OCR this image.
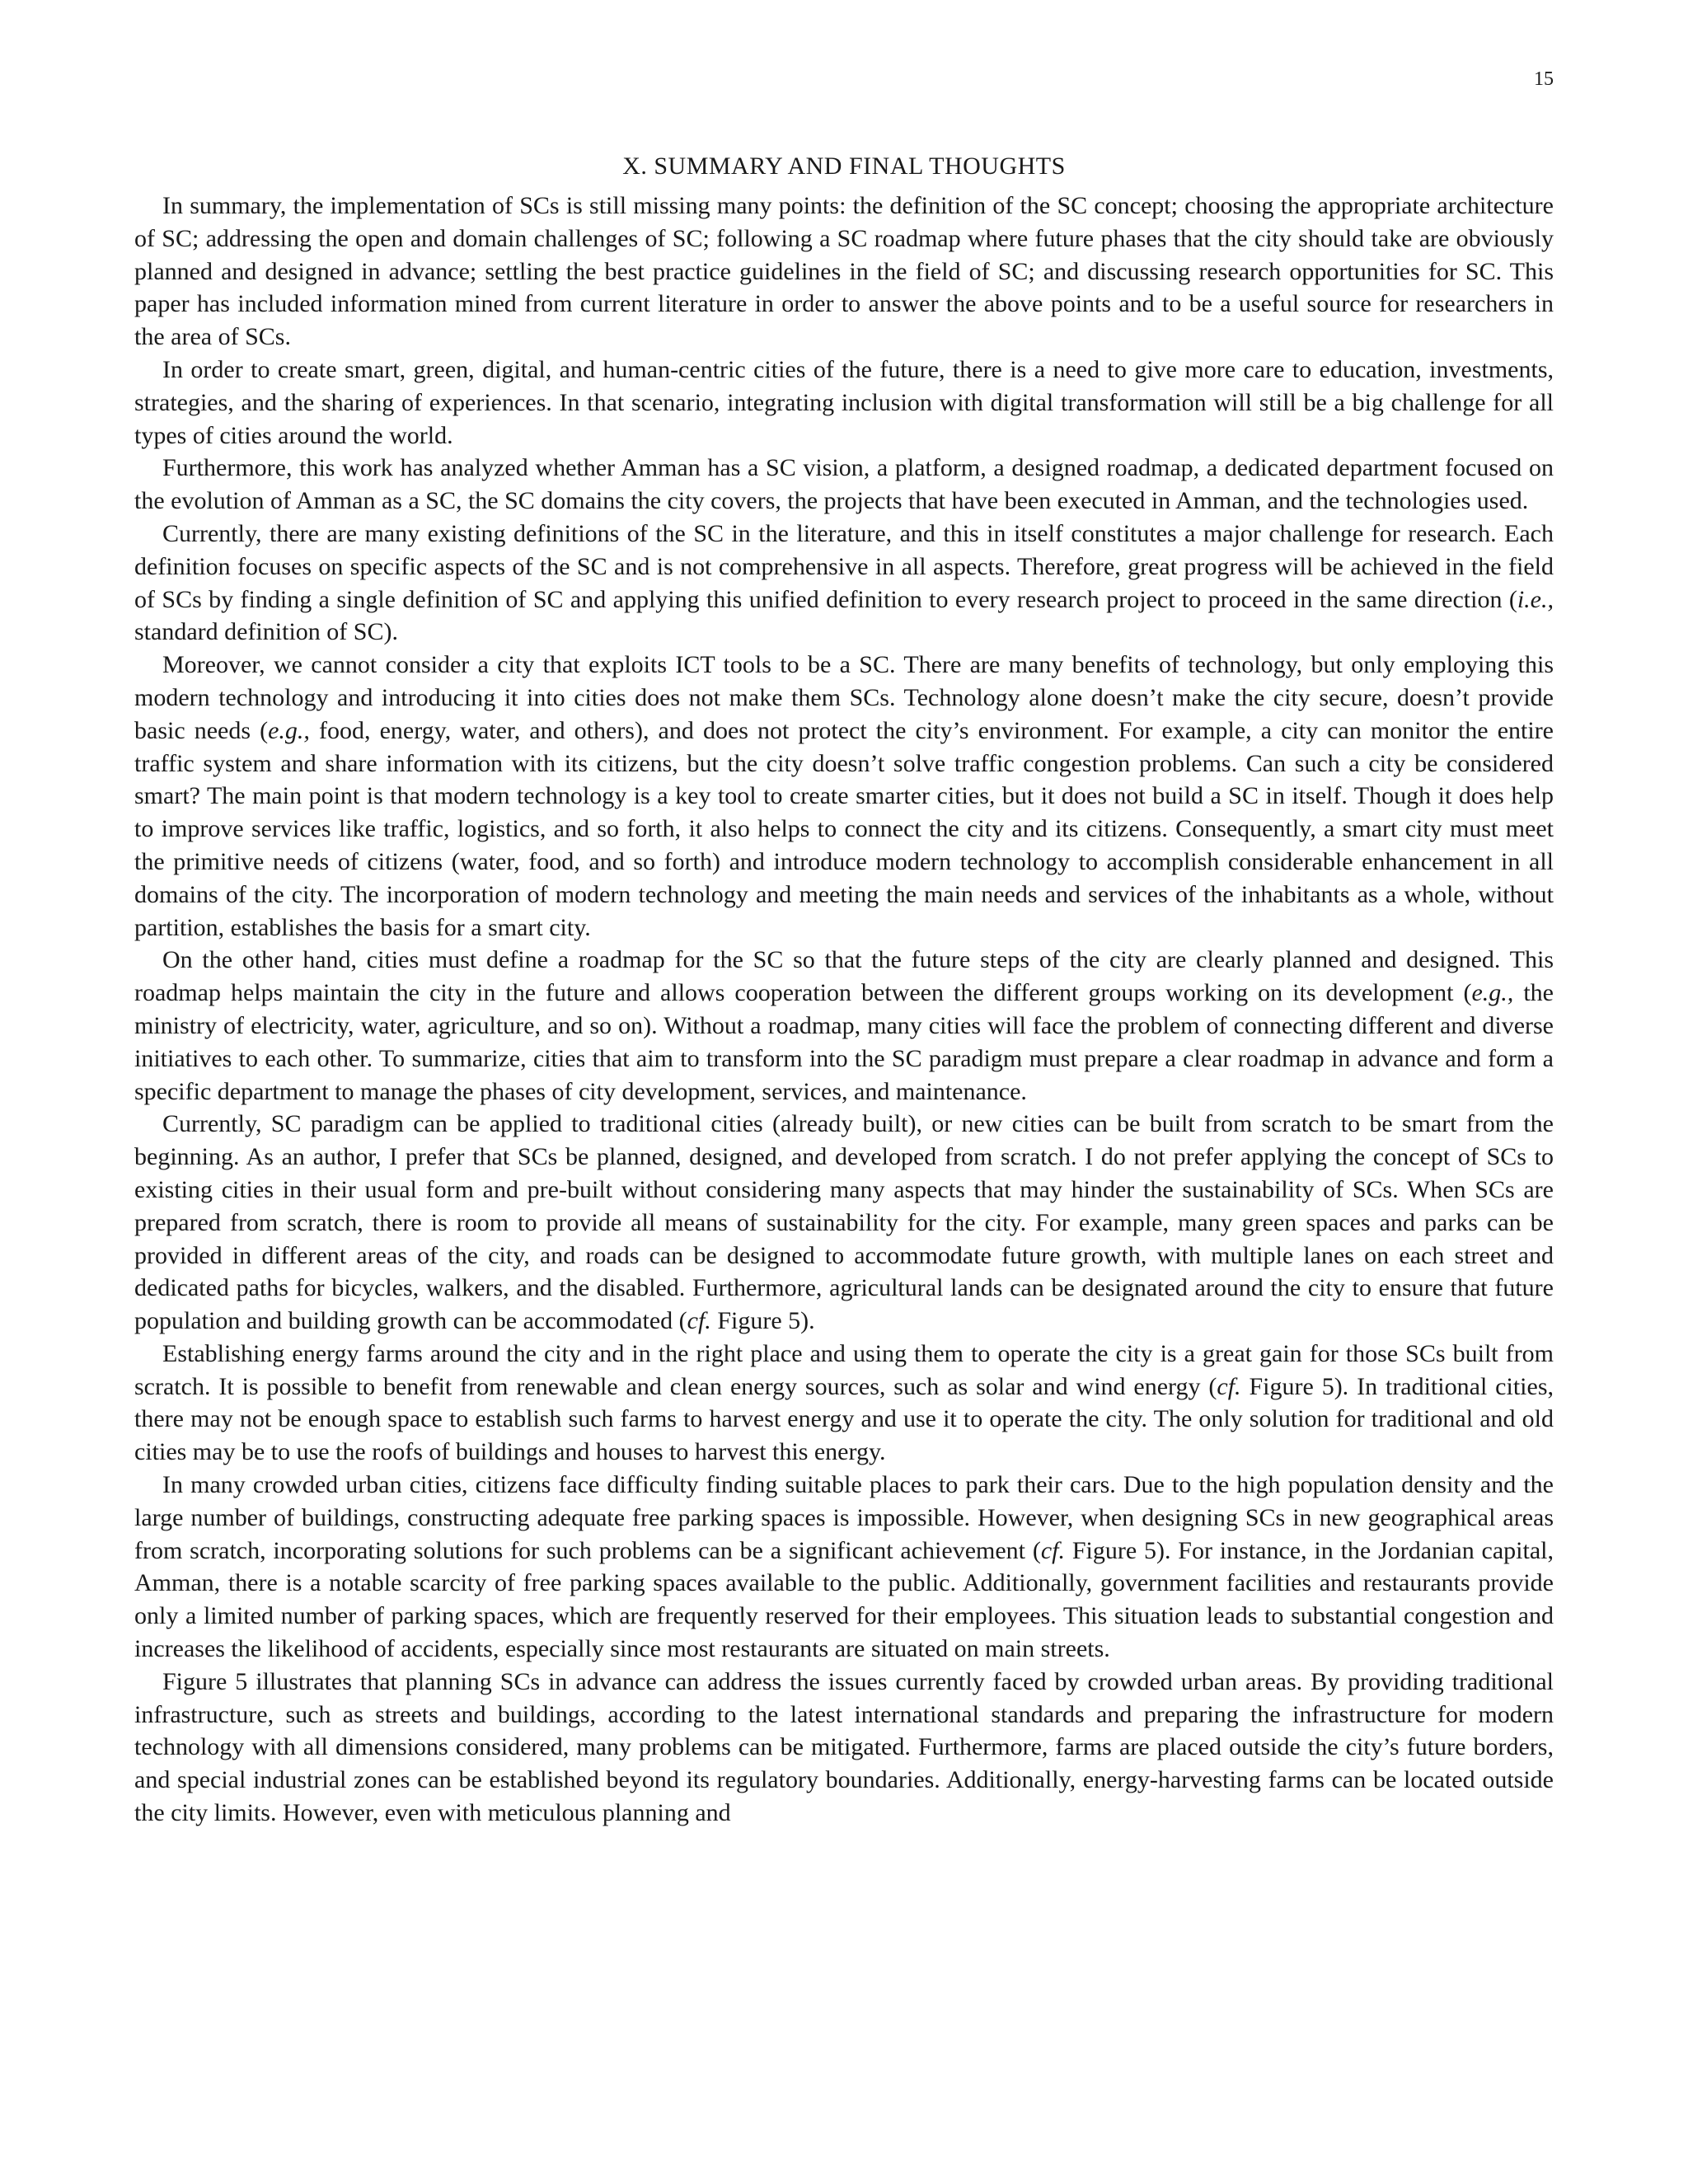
15
X. SUMMARY AND FINAL THOUGHTS

In summary, the implementation of SCs is still missing many points: the definition of the SC concept; choosing the appropriate architecture of SC; addressing the open and domain challenges of SC; following a SC roadmap where future phases that the city should take are obviously planned and designed in advance; settling the best practice guidelines in the field of SC; and discussing research opportunities for SC. This paper has included information mined from current literature in order to answer the above points and to be a useful source for researchers in the area of SCs.

In order to create smart, green, digital, and human-centric cities of the future, there is a need to give more care to education, investments, strategies, and the sharing of experiences. In that scenario, integrating inclusion with digital transformation will still be a big challenge for all types of cities around the world.

Furthermore, this work has analyzed whether Amman has a SC vision, a platform, a designed roadmap, a dedicated department focused on the evolution of Amman as a SC, the SC domains the city covers, the projects that have been executed in Amman, and the technologies used.

Currently, there are many existing definitions of the SC in the literature, and this in itself constitutes a major challenge for research. Each definition focuses on specific aspects of the SC and is not comprehensive in all aspects. Therefore, great progress will be achieved in the field of SCs by finding a single definition of SC and applying this unified definition to every research project to proceed in the same direction (i.e., standard definition of SC).

Moreover, we cannot consider a city that exploits ICT tools to be a SC. There are many benefits of technology, but only employing this modern technology and introducing it into cities does not make them SCs. Technology alone doesn’t make the city secure, doesn’t provide basic needs (e.g., food, energy, water, and others), and does not protect the city’s environment. For example, a city can monitor the entire traffic system and share information with its citizens, but the city doesn’t solve traffic congestion problems. Can such a city be considered smart? The main point is that modern technology is a key tool to create smarter cities, but it does not build a SC in itself. Though it does help to improve services like traffic, logistics, and so forth, it also helps to connect the city and its citizens. Consequently, a smart city must meet the primitive needs of citizens (water, food, and so forth) and introduce modern technology to accomplish considerable enhancement in all domains of the city. The incorporation of modern technology and meeting the main needs and services of the inhabitants as a whole, without partition, establishes the basis for a smart city.

On the other hand, cities must define a roadmap for the SC so that the future steps of the city are clearly planned and designed. This roadmap helps maintain the city in the future and allows cooperation between the different groups working on its development (e.g., the ministry of electricity, water, agriculture, and so on). Without a roadmap, many cities will face the problem of connecting different and diverse initiatives to each other. To summarize, cities that aim to transform into the SC paradigm must prepare a clear roadmap in advance and form a specific department to manage the phases of city development, services, and maintenance.

Currently, SC paradigm can be applied to traditional cities (already built), or new cities can be built from scratch to be smart from the beginning. As an author, I prefer that SCs be planned, designed, and developed from scratch. I do not prefer applying the concept of SCs to existing cities in their usual form and pre-built without considering many aspects that may hinder the sustainability of SCs. When SCs are prepared from scratch, there is room to provide all means of sustainability for the city. For example, many green spaces and parks can be provided in different areas of the city, and roads can be designed to accommodate future growth, with multiple lanes on each street and dedicated paths for bicycles, walkers, and the disabled. Furthermore, agricultural lands can be designated around the city to ensure that future population and building growth can be accommodated (cf. Figure 5).

Establishing energy farms around the city and in the right place and using them to operate the city is a great gain for those SCs built from scratch. It is possible to benefit from renewable and clean energy sources, such as solar and wind energy (cf. Figure 5). In traditional cities, there may not be enough space to establish such farms to harvest energy and use it to operate the city. The only solution for traditional and old cities may be to use the roofs of buildings and houses to harvest this energy.

In many crowded urban cities, citizens face difficulty finding suitable places to park their cars. Due to the high population density and the large number of buildings, constructing adequate free parking spaces is impossible. However, when designing SCs in new geographical areas from scratch, incorporating solutions for such problems can be a significant achievement (cf. Figure 5). For instance, in the Jordanian capital, Amman, there is a notable scarcity of free parking spaces available to the public. Additionally, government facilities and restaurants provide only a limited number of parking spaces, which are frequently reserved for their employees. This situation leads to substantial congestion and increases the likelihood of accidents, especially since most restaurants are situated on main streets.

Figure 5 illustrates that planning SCs in advance can address the issues currently faced by crowded urban areas. By providing traditional infrastructure, such as streets and buildings, according to the latest international standards and preparing the infrastructure for modern technology with all dimensions considered, many problems can be mitigated. Furthermore, farms are placed outside the city’s future borders, and special industrial zones can be established beyond its regulatory boundaries. Additionally, energy-harvesting farms can be located outside the city limits. However, even with meticulous planning and
